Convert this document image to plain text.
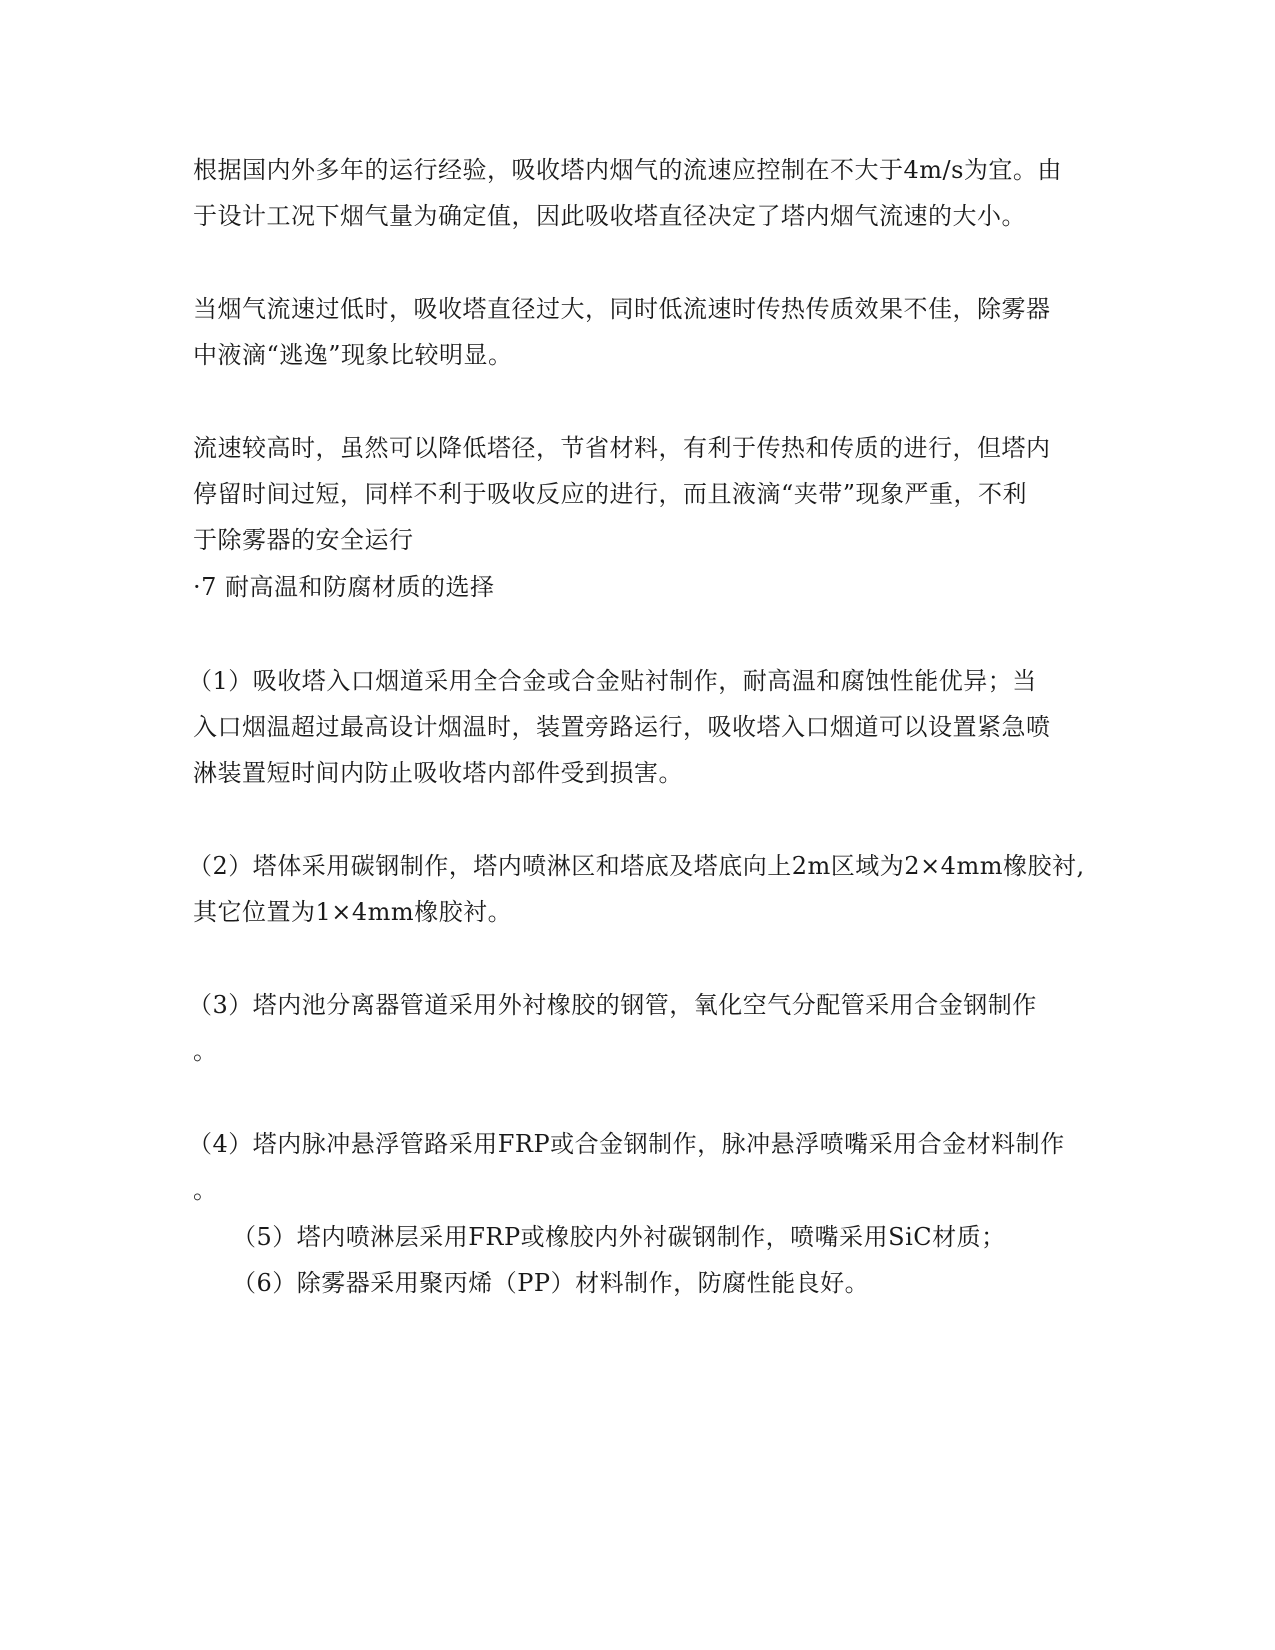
根据国内外多年的运行经验，吸收塔内烟气的流速应控制在不大于4m/s为宜。由
于设计工况下烟气量为确定值，因此吸收塔直径决定了塔内烟气流速的大小。
当烟气流速过低时，吸收塔直径过大，同时低流速时传热传质效果不佳，除雾器
中液滴“逃逸”现象比较明显。
流速较高时，虽然可以降低塔径，节省材料，有利于传热和传质的进行，但塔内
停留时间过短，同样不利于吸收反应的进行，而且液滴“夹带”现象严重，不利
于除雾器的安全运行
·7 耐高温和防腐材质的选择
（1）吸收塔入口烟道采用全合金或合金贴衬制作，耐高温和腐蚀性能优异；当
入口烟温超过最高设计烟温时，装置旁路运行，吸收塔入口烟道可以设置紧急喷
淋装置短时间内防止吸收塔内部件受到损害。
（2）塔体采用碳钢制作，塔内喷淋区和塔底及塔底向上2m区域为2×4mm橡胶衬,
其它位置为1×4mm橡胶衬。
（3）塔内池分离器管道采用外衬橡胶的钢管，氧化空气分配管采用合金钢制作
。
（4）塔内脉冲悬浮管路采用FRP或合金钢制作，脉冲悬浮喷嘴采用合金材料制作
。
（5）塔内喷淋层采用FRP或橡胶内外衬碳钢制作，喷嘴采用SiC材质；
（6）除雾器采用聚丙烯（PP）材料制作，防腐性能良好。
